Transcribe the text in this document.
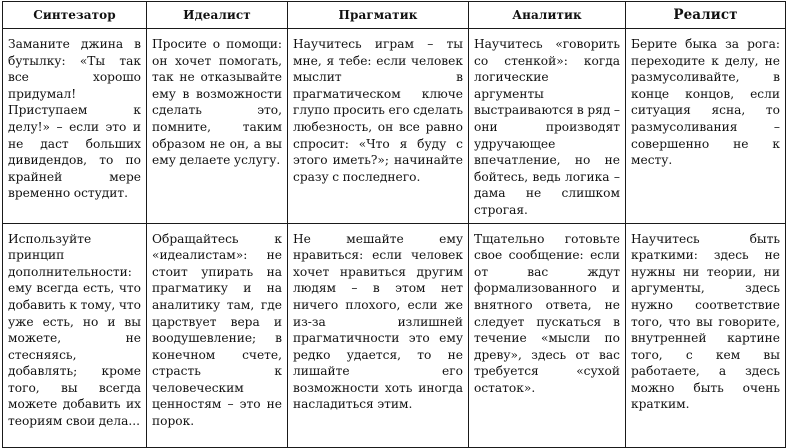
Синтезатор	Идеалист	Прагматик	Аналитик	Реалист
Заманите джина в бутылку: «Ты так все хорошо придумал! Приступаем к делу!» – если это и не даст больших дивидендов, то по крайней мере временно остудит.	Просите о помощи: он хочет помогать, так не отказывайте ему в возможности сделать это, помните, таким образом не он, а вы ему делаете услугу.	Научитесь играм – ты мне, я тебе: если человек мыслит в прагматическом ключе глупо просить его сделать любезность, он все равно спросит: «Что я буду с этого иметь?»; начинайте сразу с последнего.	Научитесь «говорить со стенкой»: когда логические аргументы выстраиваются в ряд – они производят удручающее впечатление, но не бойтесь, ведь логика – дама не слишком строгая.	Берите быка за рога: переходите к делу, не размусоливайте, в конце концов, если ситуация ясна, то размусоливания – совершенно не к месту.
Используйте принцип дополнительности: ему всегда есть, что добавить к тому, что уже есть, но и вы можете, не стесняясь, добавлять; кроме того, вы всегда можете добавить их теориям свои дела...	Обращайтесь к «идеалистам»: не стоит упирать на прагматику и на аналитику там, где царствует вера и воодушевление; в конечном счете, страсть к человеческим ценностям – это не порок.	Не мешайте ему нравиться: если человек хочет нравиться другим людям – в этом нет ничего плохого, если же из-за излишней прагматичности это ему редко удается, то не лишайте его возможности хоть иногда насладиться этим.	Тщательно готовьте свое сообщение: если от вас ждут формализованного и внятного ответа, не следует пускаться в течение «мысли по древу», здесь от вас требуется «сухой остаток».	Научитесь быть краткими: здесь не нужны ни теории, ни аргументы, здесь нужно соответствие того, что вы говорите, внутренней картине того, с кем вы работаете, а здесь можно быть очень кратким.
